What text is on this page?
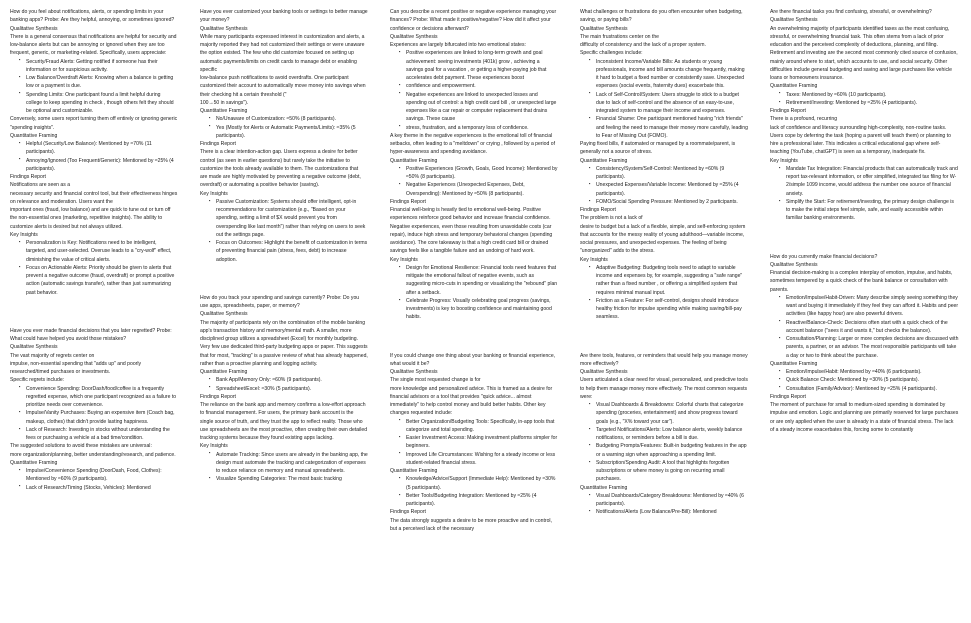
How do you feel about notifications, alerts, or spending limits in your banking apps? Probe: Are they helpful, annoying, or sometimes ignored?
Qualitative Synthesis
There is a general consensus that notifications are helpful for security and low-balance alerts but can be annoying or ignored when they are too frequent, generic, or marketing-related. Specifically, users appreciate:
▪ Security/Fraud Alerts: Getting notified if someone has their information or for suspicious activity.
▪ Low Balance/Overdraft Alerts: Knowing when a balance is getting low or a payment is due.
▪ Spending Limits: One participant found a limit helpful during college to keep spending in check , though others felt they should be optional and customizable.
Conversely, some users report turning them off entirely or ignoring generic "spending insights".
Quantitative Framing
▪ Helpful (Security/Low Balance): Mentioned by ≈70% (11 participants).
▪ Annoying/Ignored (Too Frequent/Generic): Mentioned by ≈25% (4 participants).
Findings Report
Notifications are seen as a
necessary security and financial control tool, but their effectiveness hinges on relevance and moderation. Users want the
important ones (fraud, low balance) and are quick to tune out or turn off the non-essential ones (marketing, repetitive insights). The ability to customize alerts is desired but not always utilized.
Key Insights
▪ Personalization is Key: Notifications need to be intelligent, targeted, and user-selected. Overuse leads to a "cry-wolf" effect, diminishing the value of critical alerts.
▪ Focus on Actionable Alerts: Priority should be given to alerts that prevent a negative outcome (fraud, overdraft) or prompt a positive action (automatic savings transfer), rather than just summarizing past behavior.
Have you ever made financial decisions that you later regretted? Probe: What could have helped you avoid those mistakes?
Qualitative Synthesis
The vast majority of regrets center on
impulse, non-essential spending that "adds up" and poorly researched/timed purchases or investments.
Specific regrets include:
▪ Convenience Spending: DoorDash/food/coffee is a frequently regretted expense, which one participant recognized as a failure to prioritize needs over convenience.
▪ Impulse/Vanity Purchases: Buying an expensive item (Coach bag, makeup, clothes) that didn't provide lasting happiness.
▪ Lack of Research: Investing in stocks without understanding the fees or purchasing a vehicle at a bad time/condition.
The suggested solutions to avoid these mistakes are universal:
more organization/planning, better understanding/research, and patience.
Quantitative Framing
▪ Impulse/Convenience Spending (DoorDash, Food, Clothes): Mentioned by ≈60% (9 participants).
▪ Lack of Research/Timing (Stocks, Vehicles): Mentioned
Have you ever customized your banking tools or settings to better manage your money?
Qualitative Synthesis
While many participants expressed interest in customization and alerts, a majority reported they had not customized their settings or were unaware the option existed. The few who did customize focused on setting up
automatic payments/limits on credit cards to manage debt or enabling specific
low-balance push notifications to avoid overdrafts. One participant customized their account to automatically move money into savings when their checking hit a certain threshold ("
100→50 in savings").
Quantitative Framing
▪ No/Unaware of Customization: ≈50% (8 participants).
▪ Yes (Mostly for Alerts or Automatic Payments/Limits): ≈35% (5 participants).
Findings Report
There is a clear intention-action gap. Users express a desire for better control (as seen in earlier questions) but rarely take the initiative to customize the tools already available to them. The customizations that
are made are highly motivated by preventing a negative outcome (debt, overdraft) or automating a positive behavior (saving).
Key Insights
▪ Passive Customization: Systems should offer intelligent, opt-in recommendations for customization (e.g., "Based on your spending, setting a limit of $X would prevent you from overspending like last month") rather than relying on users to seek out the settings page.
▪ Focus on Outcomes: Highlight the benefit of customization in terms of preventing financial pain (stress, fees, debt) to increase adoption.
How do you track your spending and savings currently? Probe: Do you use apps, spreadsheets, paper, or memory?
Qualitative Synthesis
The majority of participants rely on the combination of the mobile banking app's transaction history and memory/mental math. A smaller, more disciplined group utilizes a spreadsheet (Excel) for monthly budgeting. Very few use dedicated third-party budgeting apps or paper. This suggests that for most, "tracking" is a passive review of what has already happened, rather than a proactive planning and logging activity.
Quantitative Framing
▪ Bank App/Memory Only: ≈60% (9 participants).
▪ Spreadsheet/Excel: ≈30% (5 participants).
Findings Report
The reliance on the bank app and memory confirms a low-effort approach to financial management. For users, the primary bank account is the single source of truth, and they trust the app to reflect reality. Those who use spreadsheets are the most proactive, often creating their own detailed tracking systems because they found existing apps lacking.
Key Insights
▪ Automate Tracking: Since users are already in the banking app, the design must automate the tracking and categorization of expenses to reduce reliance on memory and manual spreadsheets.
▪ Visualize Spending Categories: The most basic tracking
Can you describe a recent positive or negative experience managing your finances? Probe: What made it positive/negative? How did it affect your confidence or decisions afterward?
Qualitative Synthesis
Experiences are largely bifurcated into two emotional states:
▪ Positive experiences are linked to long-term growth and goal achievement: seeing investments (401k) grow , achieving a savings goal for a vacation , or getting a higher-paying job that accelerates debt payment. These experiences boost
▪ confidence and empowerment.
▪ Negative experiences are linked to unexpected losses and spending out of control: a high credit card bill , or unexpected large expenses like a car repair or computer replacement that drains savings. These cause
▪ stress, frustration, and a temporary loss of confidence.
A key theme in the negative experiences is the emotional toll of financial setbacks, often leading to a "meltdown" or crying , followed by a period of hyper-awareness and spending avoidance.
Quantitative Framing
▪ Positive Experiences (Growth, Goals, Good Income): Mentioned by ≈50% (8 participants).
▪ Negative Experiences (Unexpected Expenses, Debt, Overspending): Mentioned by ≈50% (8 participants).
Findings Report
Financial well-being is heavily tied to emotional well-being. Positive experiences reinforce good behavior and increase financial confidence. Negative experiences, even those resulting from unavoidable costs (car repair), induce high stress and temporary behavioral changes (spending avoidance). The core takeaway is that a high credit card bill or drained savings feels like a tangible failure and an undoing of hard work.
Key Insights
▪ Design for Emotional Resilience: Financial tools need features that mitigate the emotional fallout of negative events, such as suggesting micro-cuts in spending or visualizing the "rebound" plan after a setback.
▪ Celebrate Progress: Visually celebrating goal progress (savings, investments) is key to boosting confidence and maintaining good habits.
If you could change one thing about your banking or financial experience, what would it be?
Qualitative Synthesis
The single most requested change is for
more knowledge and personalized advice. This is framed as a desire for financial advisors or a tool that provides "quick advice... almost immediately" to help control money and build better habits. Other key changes requested include:
▪ Better Organization/Budgeting Tools: Specifically, in-app tools that categorize and total spending.
▪ Easier Investment Access: Making investment platforms simpler for beginners.
▪ Improved Life Circumstances: Wishing for a steady income or less student-related financial stress.
Quantitative Framing
▪ Knowledge/Advice/Support (Immediate Help): Mentioned by ≈30% (5 participants).
▪ Better Tools/Budgeting Integration: Mentioned by ≈25% (4 participants).
Findings Report
The data strongly suggests a desire to be more proactive and in control, but a perceived lack of the necessary
What challenges or frustrations do you often encounter when budgeting, saving, or paying bills?
Qualitative Synthesis
The main frustrations center on the
difficulty of consistency and the lack of a proper system.
Specific challenges include:
▪ Inconsistent Income/Variable Bills: As students or young professionals, income and bill amounts change frequently, making it hard to budget a fixed number or consistently save. Unexpected expenses (social events, fraternity dues) exacerbate this.
▪ Lack of Self-Control/System: Users struggle to stick to a budget due to lack of self-control and the absence of an easy-to-use, integrated system to manage their income and expenses.
▪ Financial Shame: One participant mentioned having "rich friends" and feeling the need to manage their money more carefully, leading to Fear of Missing Out (FOMO).
Paying fixed bills, if automated or managed by a roommate/parent, is generally not a source of stress.
Quantitative Framing
▪ Consistency/System/Self-Control: Mentioned by ≈60% (9 participants).
▪ Unexpected Expenses/Variable Income: Mentioned by ≈25% (4 participants).
▪ FOMO/Social Spending Pressure: Mentioned by 2 participants.
Findings Report
The problem is not a lack of
desire to budget but a lack of a flexible, simple, and self-enforcing system that accounts for the messy reality of young adulthood—variable income, social pressures, and unexpected expenses. The feeling of being "unorganized" adds to the stress.
Key Insights
▪ Adaptive Budgeting: Budgeting tools need to adapt to variable income and expenses by, for example, suggesting a "safe range" rather than a fixed number , or offering a simplified system that requires minimal manual input.
▪ Friction as a Feature: For self-control, designs should introduce healthy friction for impulse spending while making saving/bill-pay seamless.
Are there tools, features, or reminders that would help you manage money more effectively?
Qualitative Synthesis
Users articulated a clear need for visual, personalized, and predictive tools to help them manage money more effectively. The most common requests were:
▪ Visual Dashboards & Breakdowns: Colorful charts that categorize spending (groceries, entertainment) and show progress toward goals (e.g., "X% toward your car").
▪ Targeted Notifications/Alerts: Low balance alerts, weekly balance notifications, or reminders before a bill is due.
▪ Budgeting Prompts/Features: Built-in budgeting features in the app or a warning sign when approaching a spending limit.
▪ Subscription/Spending Audit: A tool that highlights forgotten subscriptions or where money is going on recurring small purchases.
Quantitative Framing
▪ Visual Dashboards/Category Breakdowns: Mentioned by ≈40% (6 participants).
▪ Notifications/Alerts (Low Balance/Pre-Bill): Mentioned
Are there financial tasks you find confusing, stressful, or overwhelming?
Qualitative Synthesis
An overwhelming majority of participants identified taxes as the most confusing, stressful, or overwhelming financial task. This often stems from a lack of prior education and the perceived complexity of deductions, planning, and filing.
Retirement and investing are the second most commonly cited source of confusion, mainly around where to start, which accounts to use, and social security. Other difficulties include general budgeting and saving and large purchases like vehicle loans or homeowners insurance.
Quantitative Framing
▪ Taxes: Mentioned by ≈60% (10 participants).
▪ Retirement/Investing: Mentioned by ≈25% (4 participants).
Findings Report
There is a profound, recurring
lack of confidence and literacy surrounding high-complexity, non-routine tasks. Users cope by deferring the task (hoping a parent will teach them) or planning to hire a professional later. This indicates a critical educational gap where self-teaching (YouTube, chatGPT) is seen as a temporary, inadequate fix.
Key Insights
▪ Mandate Tax Integration: Financial products that can automatically track and report tax-relevant information, or offer simplified, integrated tax filing for W-2/simple 1099 income, would address the number one source of financial anxiety.
▪ Simplify the Start: For retirement/investing, the primary design challenge is to make the initial steps feel simple, safe, and easily accessible within familiar banking environments.
How do you currently make financial decisions?
Qualitative Synthesis
Financial decision-making is a complex interplay of emotion, impulse, and habits, sometimes tempered by a quick check of the bank balance or consultation with parents.
▪ Emotion/Impulse/Habit-Driven: Many describe simply seeing something they want and buying it immediately if they feel they can afford it. Habits and peer activities (like happy hour) are also powerful drivers.
▪ Reactive/Balance-Check: Decisions often start with a quick check of the account balance ("sees it and wants it," but checks the balance).
▪ Consultation/Planning: Larger or more complex decisions are discussed with parents, a partner, or an advisor. The most responsible participants will take a day or two to think about the purchase.
Quantitative Framing
▪ Emotion/Impulse/Habit: Mentioned by ≈40% (6 participants).
▪ Quick Balance Check: Mentioned by ≈30% (5 participants).
▪ Consultation (Family/Advisor): Mentioned by ≈25% (4 participants).
Findings Report
The moment of purchase for small to medium-sized spending is dominated by
impulse and emotion. Logic and planning are primarily reserved for large purchases or are only applied when the user is already in a state of financial stress. The lack of a steady income exacerbates this, forcing some to constantly
